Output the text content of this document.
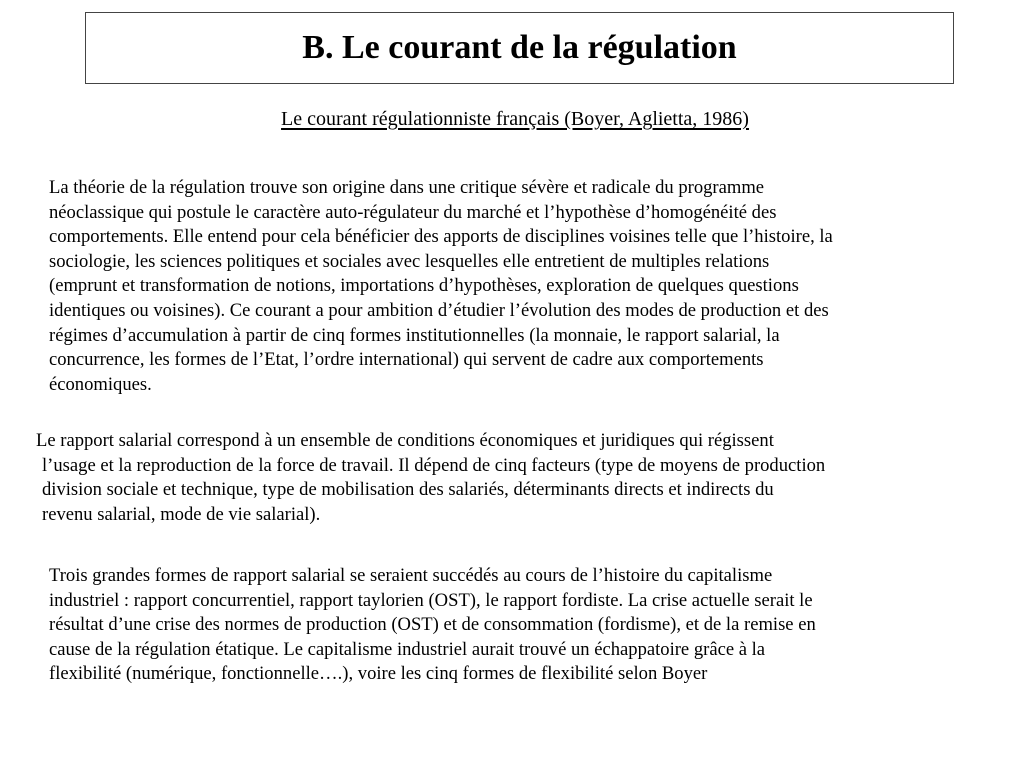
B. Le courant de la régulation

Le courant régulationniste français (Boyer, Aglietta, 1986)

La théorie de la régulation trouve son origine dans une critique sévère et radicale du programme
néoclassique qui postule le caractère auto-régulateur du marché et l’hypothèse d’homogénéité des
comportements. Elle entend pour cela bénéficier des apports de disciplines voisines telle que l’histoire, la
sociologie, les sciences politiques et sociales avec lesquelles elle entretient de multiples relations
(emprunt et transformation de notions, importations d’hypothèses, exploration de quelques questions
identiques ou voisines). Ce courant a pour ambition d’étudier l’évolution des modes de production et des
régimes d’accumulation à partir de cinq formes institutionnelles (la monnaie, le rapport salarial, la
concurrence, les formes de l’Etat, l’ordre international) qui servent de cadre aux comportements
économiques.
Le rapport salarial correspond à un ensemble de conditions économiques et juridiques qui régissent
l’usage et la reproduction de la force de travail. Il dépend de cinq facteurs (type de moyens de production
division sociale et technique, type de mobilisation des salariés, déterminants directs et indirects du
revenu salarial, mode de vie salarial).
Trois grandes formes de rapport salarial se seraient succédés au cours de l’histoire du capitalisme
industriel : rapport concurrentiel, rapport taylorien (OST), le rapport fordiste. La crise actuelle serait le
résultat d’une crise des normes de production (OST) et de consommation (fordisme), et de la remise en
cause de la régulation étatique. Le capitalisme industriel aurait trouvé un échappatoire grâce à la
flexibilité (numérique, fonctionnelle….), voire les cinq formes de flexibilité selon Boyer
